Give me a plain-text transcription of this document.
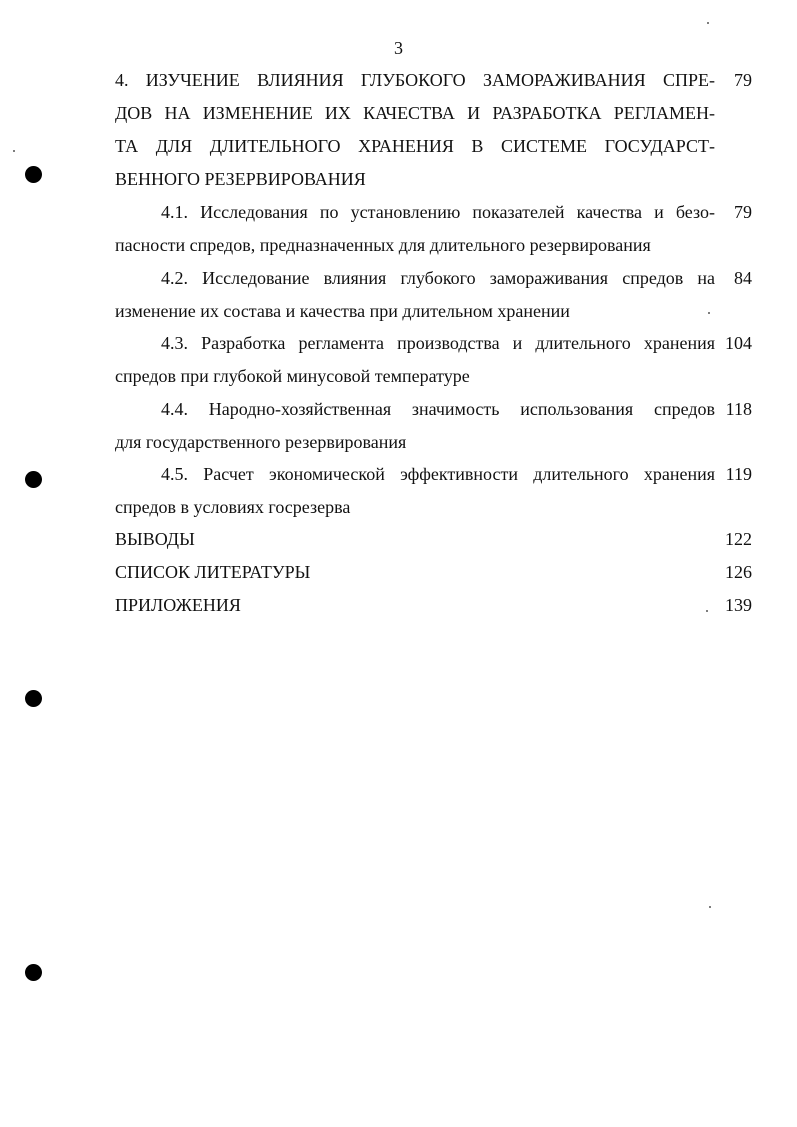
3
4. ИЗУЧЕНИЕ ВЛИЯНИЯ ГЛУБОКОГО ЗАМОРАЖИВАНИЯ СПРЕ-
ДОВ НА ИЗМЕНЕНИЕ ИХ КАЧЕСТВА И РАЗРАБОТКА РЕГЛАМЕН-
ТА ДЛЯ ДЛИТЕЛЬНОГО ХРАНЕНИЯ В СИСТЕМЕ ГОСУДАРСТ-
ВЕННОГО РЕЗЕРВИРОВАНИЯ
79
4.1. Исследования по установлению показателей качества и безо-
пасности спредов, предназначенных для длительного резервирования
79
4.2. Исследование влияния глубокого замораживания спредов на
изменение их состава и качества при длительном хранении
84
4.3. Разработка регламента производства и длительного хранения
спредов при глубокой минусовой температуре
104
4.4. Народно-хозяйственная значимость использования спредов
для государственного резервирования
118
4.5. Расчет экономической эффективности длительного хранения
спредов в условиях госрезерва
119
ВЫВОДЫ	122
СПИСОК ЛИТЕРАТУРЫ	126
ПРИЛОЖЕНИЯ	139
